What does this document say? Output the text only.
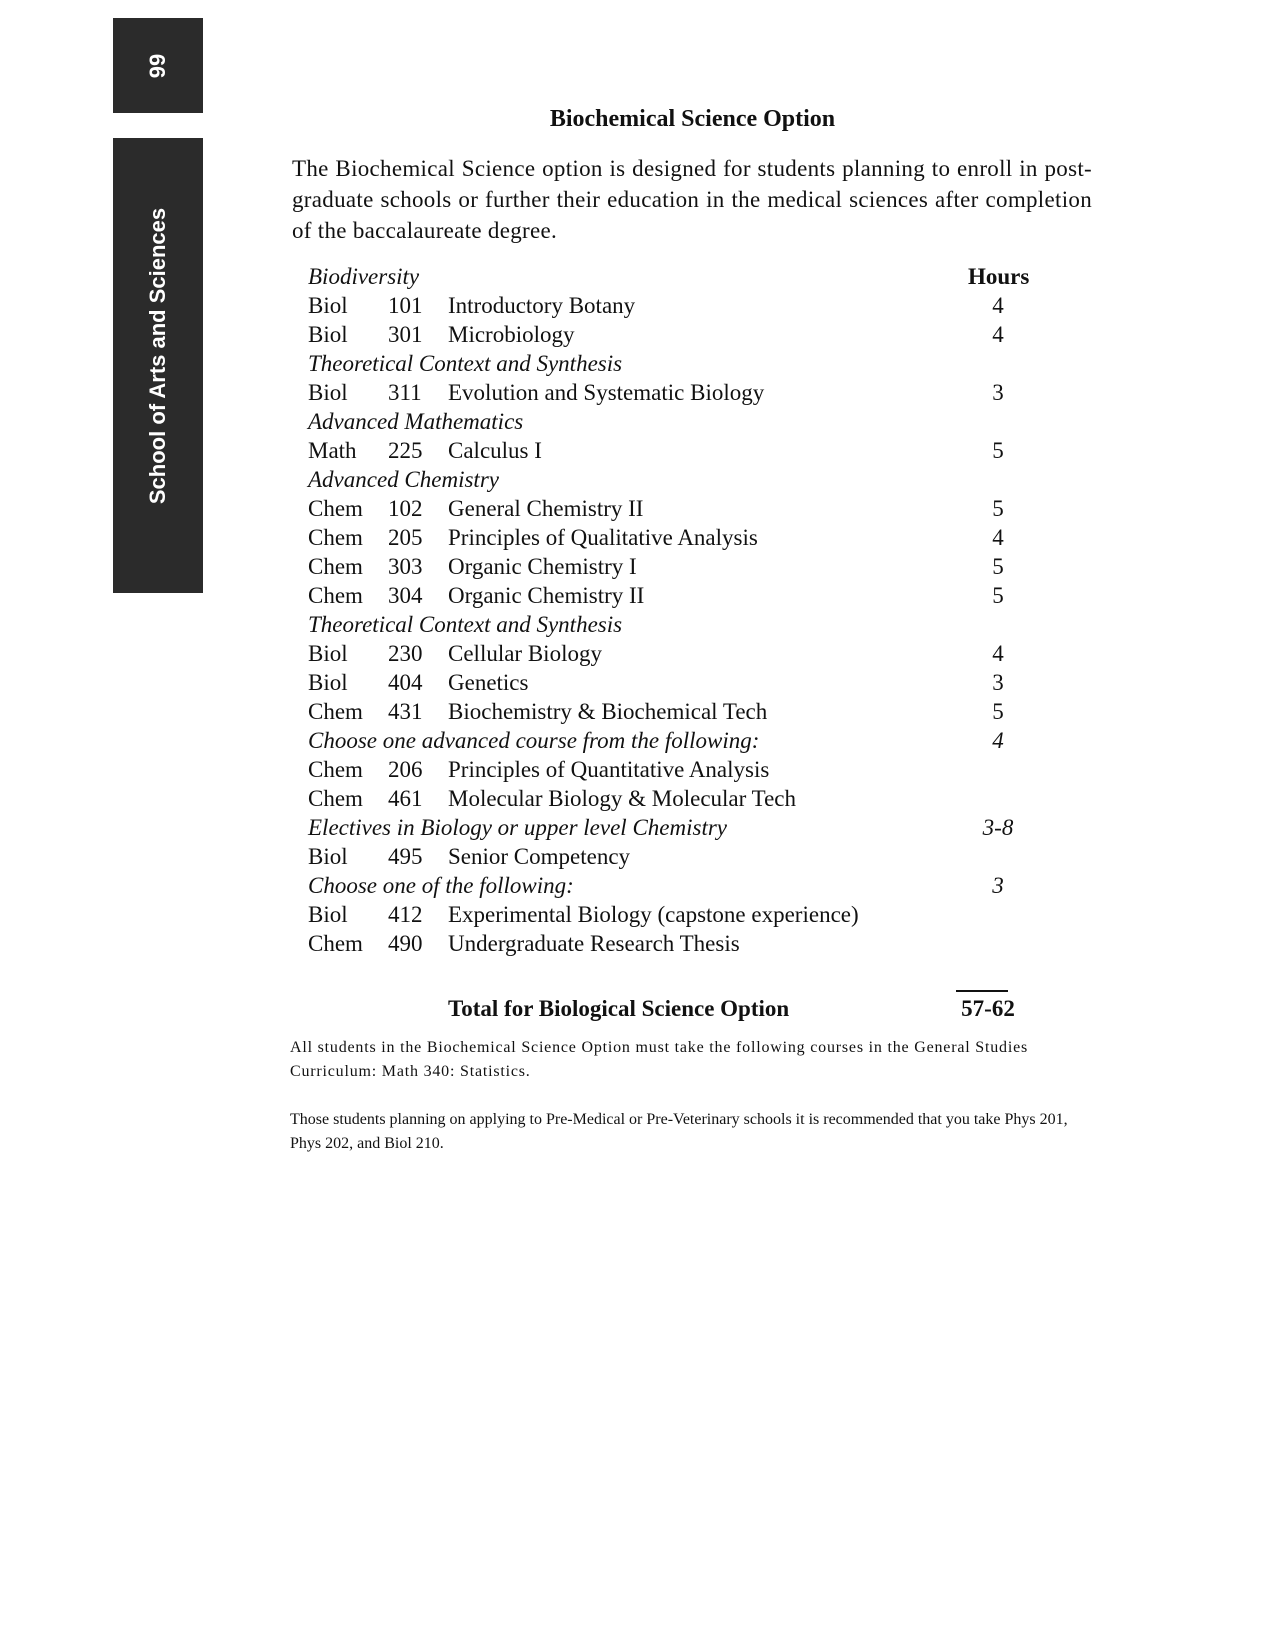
99
School of Arts and Sciences
Biochemical Science Option
The Biochemical Science option is designed for students planning to enroll in post-graduate schools or further their education in the medical sciences after completion of the baccalaureate degree.
Biodiversity	Hours
Biol 101 Introductory Botany	4
Biol 301 Microbiology	4
Theoretical Context and Synthesis
Biol 311 Evolution and Systematic Biology	3
Advanced Mathematics
Math 225 Calculus I	5
Advanced Chemistry
Chem 102 General Chemistry II	5
Chem 205 Principles of Qualitative Analysis	4
Chem 303 Organic Chemistry I	5
Chem 304 Organic Chemistry II	5
Theoretical Context and Synthesis
Biol 230 Cellular Biology	4
Biol 404 Genetics	3
Chem 431 Biochemistry & Biochemical Tech	5
Choose one advanced course from the following:	4
Chem 206 Principles of Quantitative Analysis
Chem 461 Molecular Biology & Molecular Tech
Electives in Biology or upper level Chemistry	3-8
Biol 495 Senior Competency
Choose one of the following:	3
Biol 412 Experimental Biology (capstone experience)
Chem 490 Undergraduate Research Thesis
Total for Biological Science Option	57-62
All students in the Biochemical Science Option must take the following courses in the General Studies Curriculum: Math 340: Statistics.
Those students planning on applying to Pre-Medical or Pre-Veterinary schools it is recommended that you take Phys 201, Phys 202, and Biol 210.
